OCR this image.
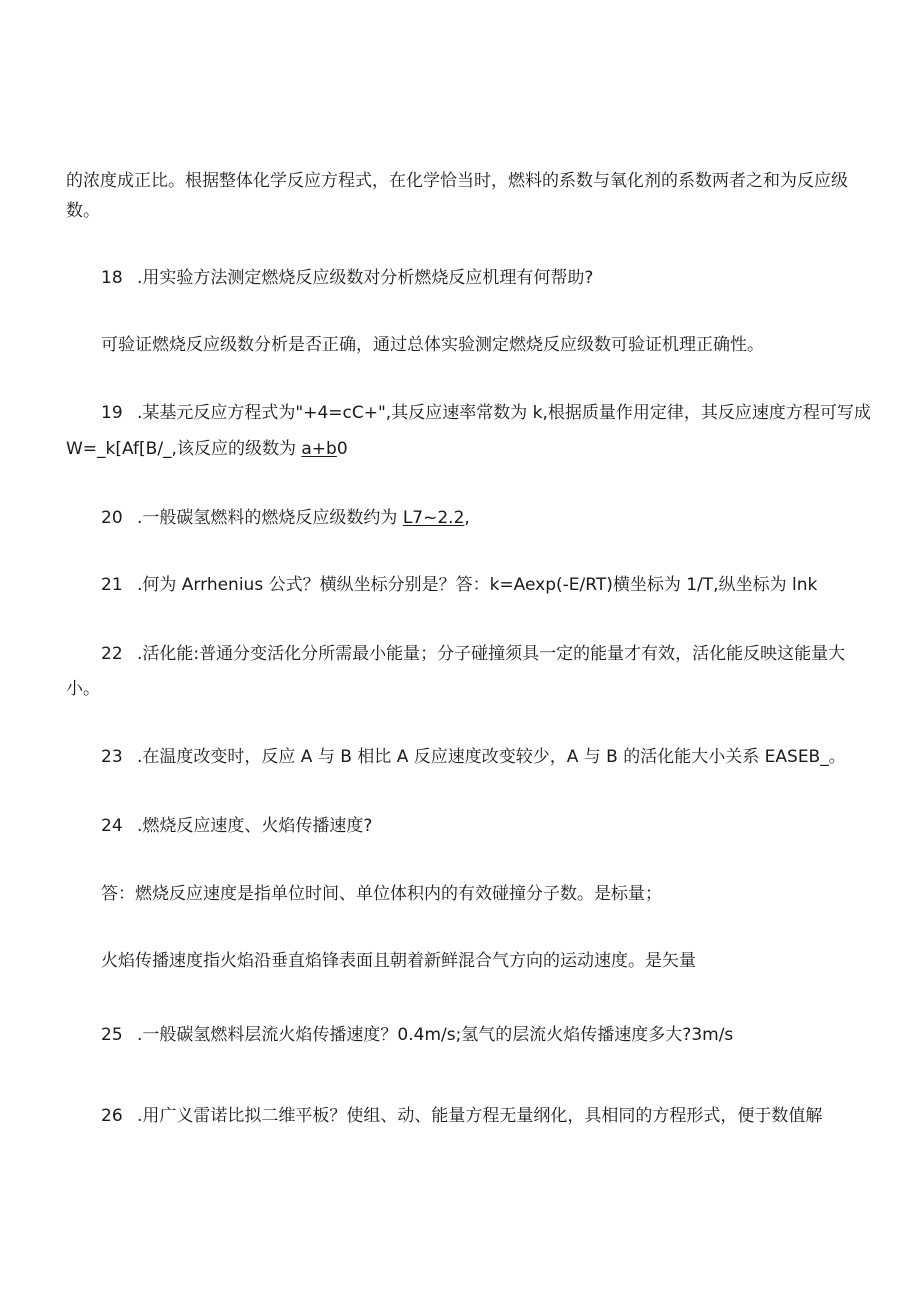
的浓度成正比。根据整体化学反应方程式，在化学恰当时，燃料的系数与氧化剂的系数两者之和为反应级
数。
18 .用实验方法测定燃烧反应级数对分析燃烧反应机理有何帮助?
可验证燃烧反应级数分析是否正确，通过总体实验测定燃烧反应级数可验证机理正确性。
19 .某基元反应方程式为"+4=cC+",其反应速率常数为 k,根据质量作用定律，其反应速度方程可写成
W=_k[Af[B/_,该反应的级数为 a+b0
20 .一般碳氢燃料的燃烧反应级数约为 L7~2.2,
21 .何为 Arrhenius 公式？横纵坐标分别是？答：k=Aexp(-E/RT)横坐标为 1/T,纵坐标为 lnk
22 .活化能:普通分变活化分所需最小能量；分子碰撞须具一定的能量才有效，活化能反映这能量大
小。
23 .在温度改变时，反应 A 与 B 相比 A 反应速度改变较少，A 与 B 的活化能大小关系 EASEB_。
24 .燃烧反应速度、火焰传播速度?
答：燃烧反应速度是指单位时间、单位体积内的有效碰撞分子数。是标量；
火焰传播速度指火焰沿垂直焰锋表面且朝着新鲜混合气方向的运动速度。是矢量
25 .一般碳氢燃料层流火焰传播速度？0.4m∕s;氢气的层流火焰传播速度多大?3m∕s
26 .用广义雷诺比拟二维平板？使组、动、能量方程无量纲化，具相同的方程形式，便于数值解
